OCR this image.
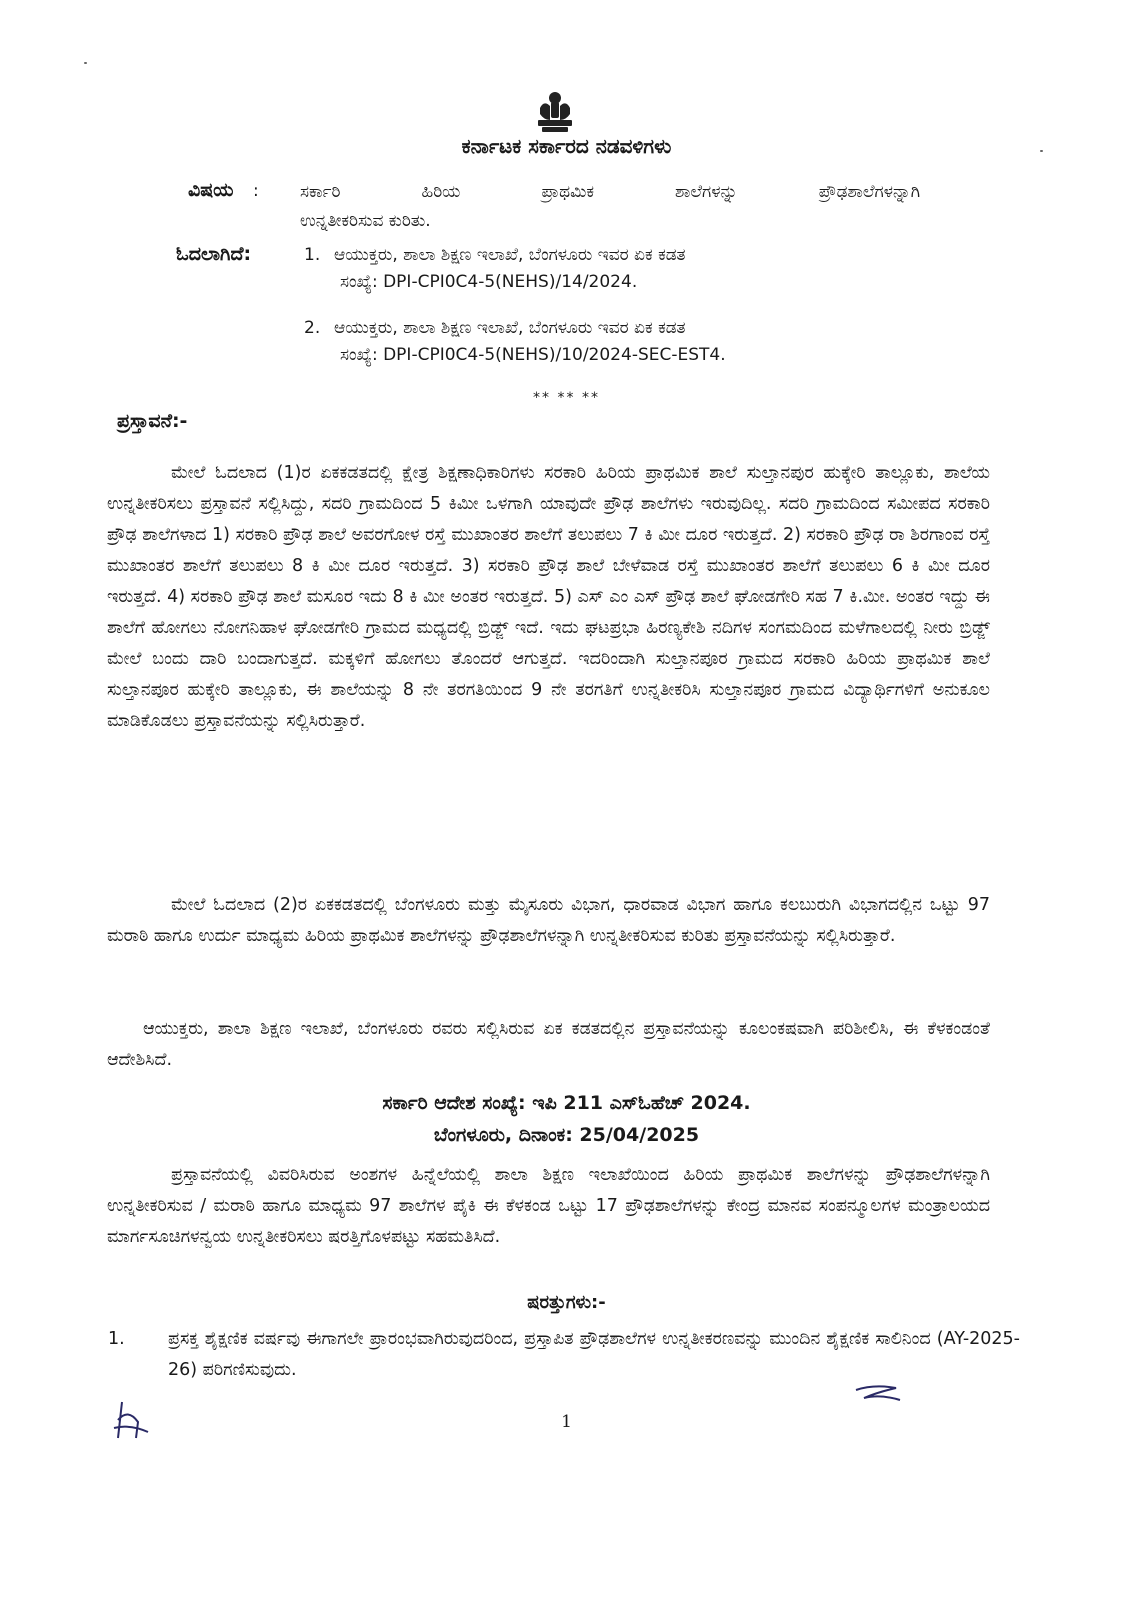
ಕರ್ನಾಟಕ ಸರ್ಕಾರದ ನಡವಳಿಗಳು
ವಿಷಯ : ಸರ್ಕಾರಿ ಹಿರಿಯ ಪ್ರಾಥಮಿಕ ಶಾಲೆಗಳನ್ನು ಪ್ರೌಢಶಾಲೆಗಳನ್ನಾಗಿ
ಉನ್ನತೀಕರಿಸುವ ಕುರಿತು.
ಓದಲಾಗಿದೆ:	1. ಆಯುಕ್ತರು, ಶಾಲಾ ಶಿಕ್ಷಣ ಇಲಾಖೆ, ಬೆಂಗಳೂರು ಇವರ ಏಕ ಕಡತ
ಸಂಖ್ಯೆ: DPI-CPI0C4-5(NEHS)/14/2024.
2. ಆಯುಕ್ತರು, ಶಾಲಾ ಶಿಕ್ಷಣ ಇಲಾಖೆ, ಬೆಂಗಳೂರು ಇವರ ಏಕ ಕಡತ
ಸಂಖ್ಯೆ: DPI-CPI0C4-5(NEHS)/10/2024-SEC-EST4.
** ** **
ಪ್ರಸ್ತಾವನೆ:-
ಮೇಲೆ ಓದಲಾದ (1)ರ ಏಕಕಡತದಲ್ಲಿ ಕ್ಷೇತ್ರ ಶಿಕ್ಷಣಾಧಿಕಾರಿಗಳು ಸರಕಾರಿ ಹಿರಿಯ ಪ್ರಾಥಮಿಕ ಶಾಲೆ ಸುಲ್ತಾನಪುರ ಹುಕ್ಕೇರಿ ತಾಲ್ಲೂಕು, ಶಾಲೆಯ ಉನ್ನತೀಕರಿಸಲು ಪ್ರಸ್ತಾವನೆ ಸಲ್ಲಿಸಿದ್ದು, ಸದರಿ ಗ್ರಾಮದಿಂದ 5 ಕಿಮೀ ಒಳಗಾಗಿ ಯಾವುದೇ ಪ್ರೌಢ ಶಾಲೆಗಳು ಇರುವುದಿಲ್ಲ. ಸದರಿ ಗ್ರಾಮದಿಂದ ಸಮೀಪದ ಸರಕಾರಿ ಪ್ರೌಢ ಶಾಲೆಗಳಾದ 1) ಸರಕಾರಿ ಪ್ರೌಢ ಶಾಲೆ ಅವರಗೋಳ ರಸ್ತೆ ಮುಖಾಂತರ ಶಾಲೆಗೆ ತಲುಪಲು 7 ಕಿ ಮೀ ದೂರ ಇರುತ್ತದೆ. 2) ಸರಕಾರಿ ಪ್ರೌಢ ರಾ ಶಿರಗಾಂವ ರಸ್ತೆ ಮುಖಾಂತರ ಶಾಲೆಗೆ ತಲುಪಲು 8 ಕಿ ಮೀ ದೂರ ಇರುತ್ತದೆ. 3) ಸರಕಾರಿ ಪ್ರೌಢ ಶಾಲೆ ಬೇಳೆವಾಡ ರಸ್ತೆ ಮುಖಾಂತರ ಶಾಲೆಗೆ ತಲುಪಲು 6 ಕಿ ಮೀ ದೂರ ಇರುತ್ತದೆ. 4) ಸರಕಾರಿ ಪ್ರೌಢ ಶಾಲೆ ಮಸೂರ ಇದು 8 ಕಿ ಮೀ ಅಂತರ ಇರುತ್ತದೆ. 5) ಎಸ್ ಎಂ ಎಸ್ ಪ್ರೌಢ ಶಾಲೆ ಘೋಡಗೇರಿ ಸಹ 7 ಕಿ.ಮೀ. ಅಂತರ ಇದ್ದು ಈ ಶಾಲೆಗೆ ಹೋಗಲು ನೋಗನಿಹಾಳ ಘೋಡಗೇರಿ ಗ್ರಾಮದ ಮಧ್ಯದಲ್ಲಿ ಬ್ರಿಡ್ಜ್ ಇದೆ. ಇದು ಘಟಪ್ರಭಾ ಹಿರಣ್ಯಕೇಶಿ ನದಿಗಳ ಸಂಗಮದಿಂದ ಮಳೆಗಾಲದಲ್ಲಿ ನೀರು ಬ್ರಿಡ್ಜ್ ಮೇಲೆ ಬಂದು ದಾರಿ ಬಂದಾಗುತ್ತದೆ. ಮಕ್ಕಳಿಗೆ ಹೋಗಲು ತೊಂದರೆ ಆಗುತ್ತದೆ. ಇದರಿಂದಾಗಿ ಸುಲ್ತಾನಪೂರ ಗ್ರಾಮದ ಸರಕಾರಿ ಹಿರಿಯ ಪ್ರಾಥಮಿಕ ಶಾಲೆ ಸುಲ್ತಾನಪೂರ ಹುಕ್ಕೇರಿ ತಾಲ್ಲೂಕು, ಈ ಶಾಲೆಯನ್ನು 8 ನೇ ತರಗತಿಯಿಂದ 9 ನೇ ತರಗತಿಗೆ ಉನ್ನತೀಕರಿಸಿ ಸುಲ್ತಾನಪೂರ ಗ್ರಾಮದ ವಿದ್ಯಾರ್ಥಿಗಳಿಗೆ ಅನುಕೂಲ ಮಾಡಿಕೊಡಲು ಪ್ರಸ್ತಾವನೆಯನ್ನು ಸಲ್ಲಿಸಿರುತ್ತಾರೆ.
ಮೇಲೆ ಓದಲಾದ (2)ರ ಏಕಕಡತದಲ್ಲಿ ಬೆಂಗಳೂರು ಮತ್ತು ಮೈಸೂರು ವಿಭಾಗ, ಧಾರವಾಡ ವಿಭಾಗ ಹಾಗೂ ಕಲಬುರುಗಿ ವಿಭಾಗದಲ್ಲಿನ ಒಟ್ಟು 97 ಮರಾಠಿ ಹಾಗೂ ಉರ್ದು ಮಾಧ್ಯಮ ಹಿರಿಯ ಪ್ರಾಥಮಿಕ ಶಾಲೆಗಳನ್ನು ಪ್ರೌಢಶಾಲೆಗಳನ್ನಾಗಿ ಉನ್ನತೀಕರಿಸುವ ಕುರಿತು ಪ್ರಸ್ತಾವನೆಯನ್ನು ಸಲ್ಲಿಸಿರುತ್ತಾರೆ.
ಆಯುಕ್ತರು, ಶಾಲಾ ಶಿಕ್ಷಣ ಇಲಾಖೆ, ಬೆಂಗಳೂರು ರವರು ಸಲ್ಲಿಸಿರುವ ಏಕ ಕಡತದಲ್ಲಿನ ಪ್ರಸ್ತಾವನೆಯನ್ನು ಕೂಲಂಕಷವಾಗಿ ಪರಿಶೀಲಿಸಿ, ಈ ಕೆಳಕಂಡಂತೆ ಆದೇಶಿಸಿದೆ.
ಸರ್ಕಾರಿ ಆದೇಶ ಸಂಖ್ಯೆ: ಇಪಿ 211 ಎಸ್‌ಓಹೆಚ್ 2024.
ಬೆಂಗಳೂರು, ದಿನಾಂಕ: 25/04/2025
ಪ್ರಸ್ತಾವನೆಯಲ್ಲಿ ವಿವರಿಸಿರುವ ಅಂಶಗಳ ಹಿನ್ನೆಲೆಯಲ್ಲಿ ಶಾಲಾ ಶಿಕ್ಷಣ ಇಲಾಖೆಯಿಂದ ಹಿರಿಯ ಪ್ರಾಥಮಿಕ ಶಾಲೆಗಳನ್ನು ಪ್ರೌಢಶಾಲೆಗಳನ್ನಾಗಿ ಉನ್ನತೀಕರಿಸುವ / ಮರಾಠಿ ಹಾಗೂ ಮಾಧ್ಯಮ 97 ಶಾಲೆಗಳ ಪೈಕಿ ಈ ಕೆಳಕಂಡ ಒಟ್ಟು 17 ಪ್ರೌಢಶಾಲೆಗಳನ್ನು ಕೇಂದ್ರ ಮಾನವ ಸಂಪನ್ಮೂಲಗಳ ಮಂತ್ರಾಲಯದ ಮಾರ್ಗಸೂಚಿಗಳನ್ವಯ ಉನ್ನತೀಕರಿಸಲು ಷರತ್ತಿಗೊಳಪಟ್ಟು ಸಹಮತಿಸಿದೆ.
ಷರತ್ತುಗಳು:-
1. ಪ್ರಸಕ್ತ ಶೈಕ್ಷಣಿಕ ವರ್ಷವು ಈಗಾಗಲೇ ಪ್ರಾರಂಭವಾಗಿರುವುದರಿಂದ, ಪ್ರಸ್ತಾಪಿತ ಪ್ರೌಢಶಾಲೆಗಳ ಉನ್ನತೀಕರಣವನ್ನು ಮುಂದಿನ ಶೈಕ್ಷಣಿಕ ಸಾಲಿನಿಂದ (AY-2025-26) ಪರಿಗಣಿಸುವುದು.
1
